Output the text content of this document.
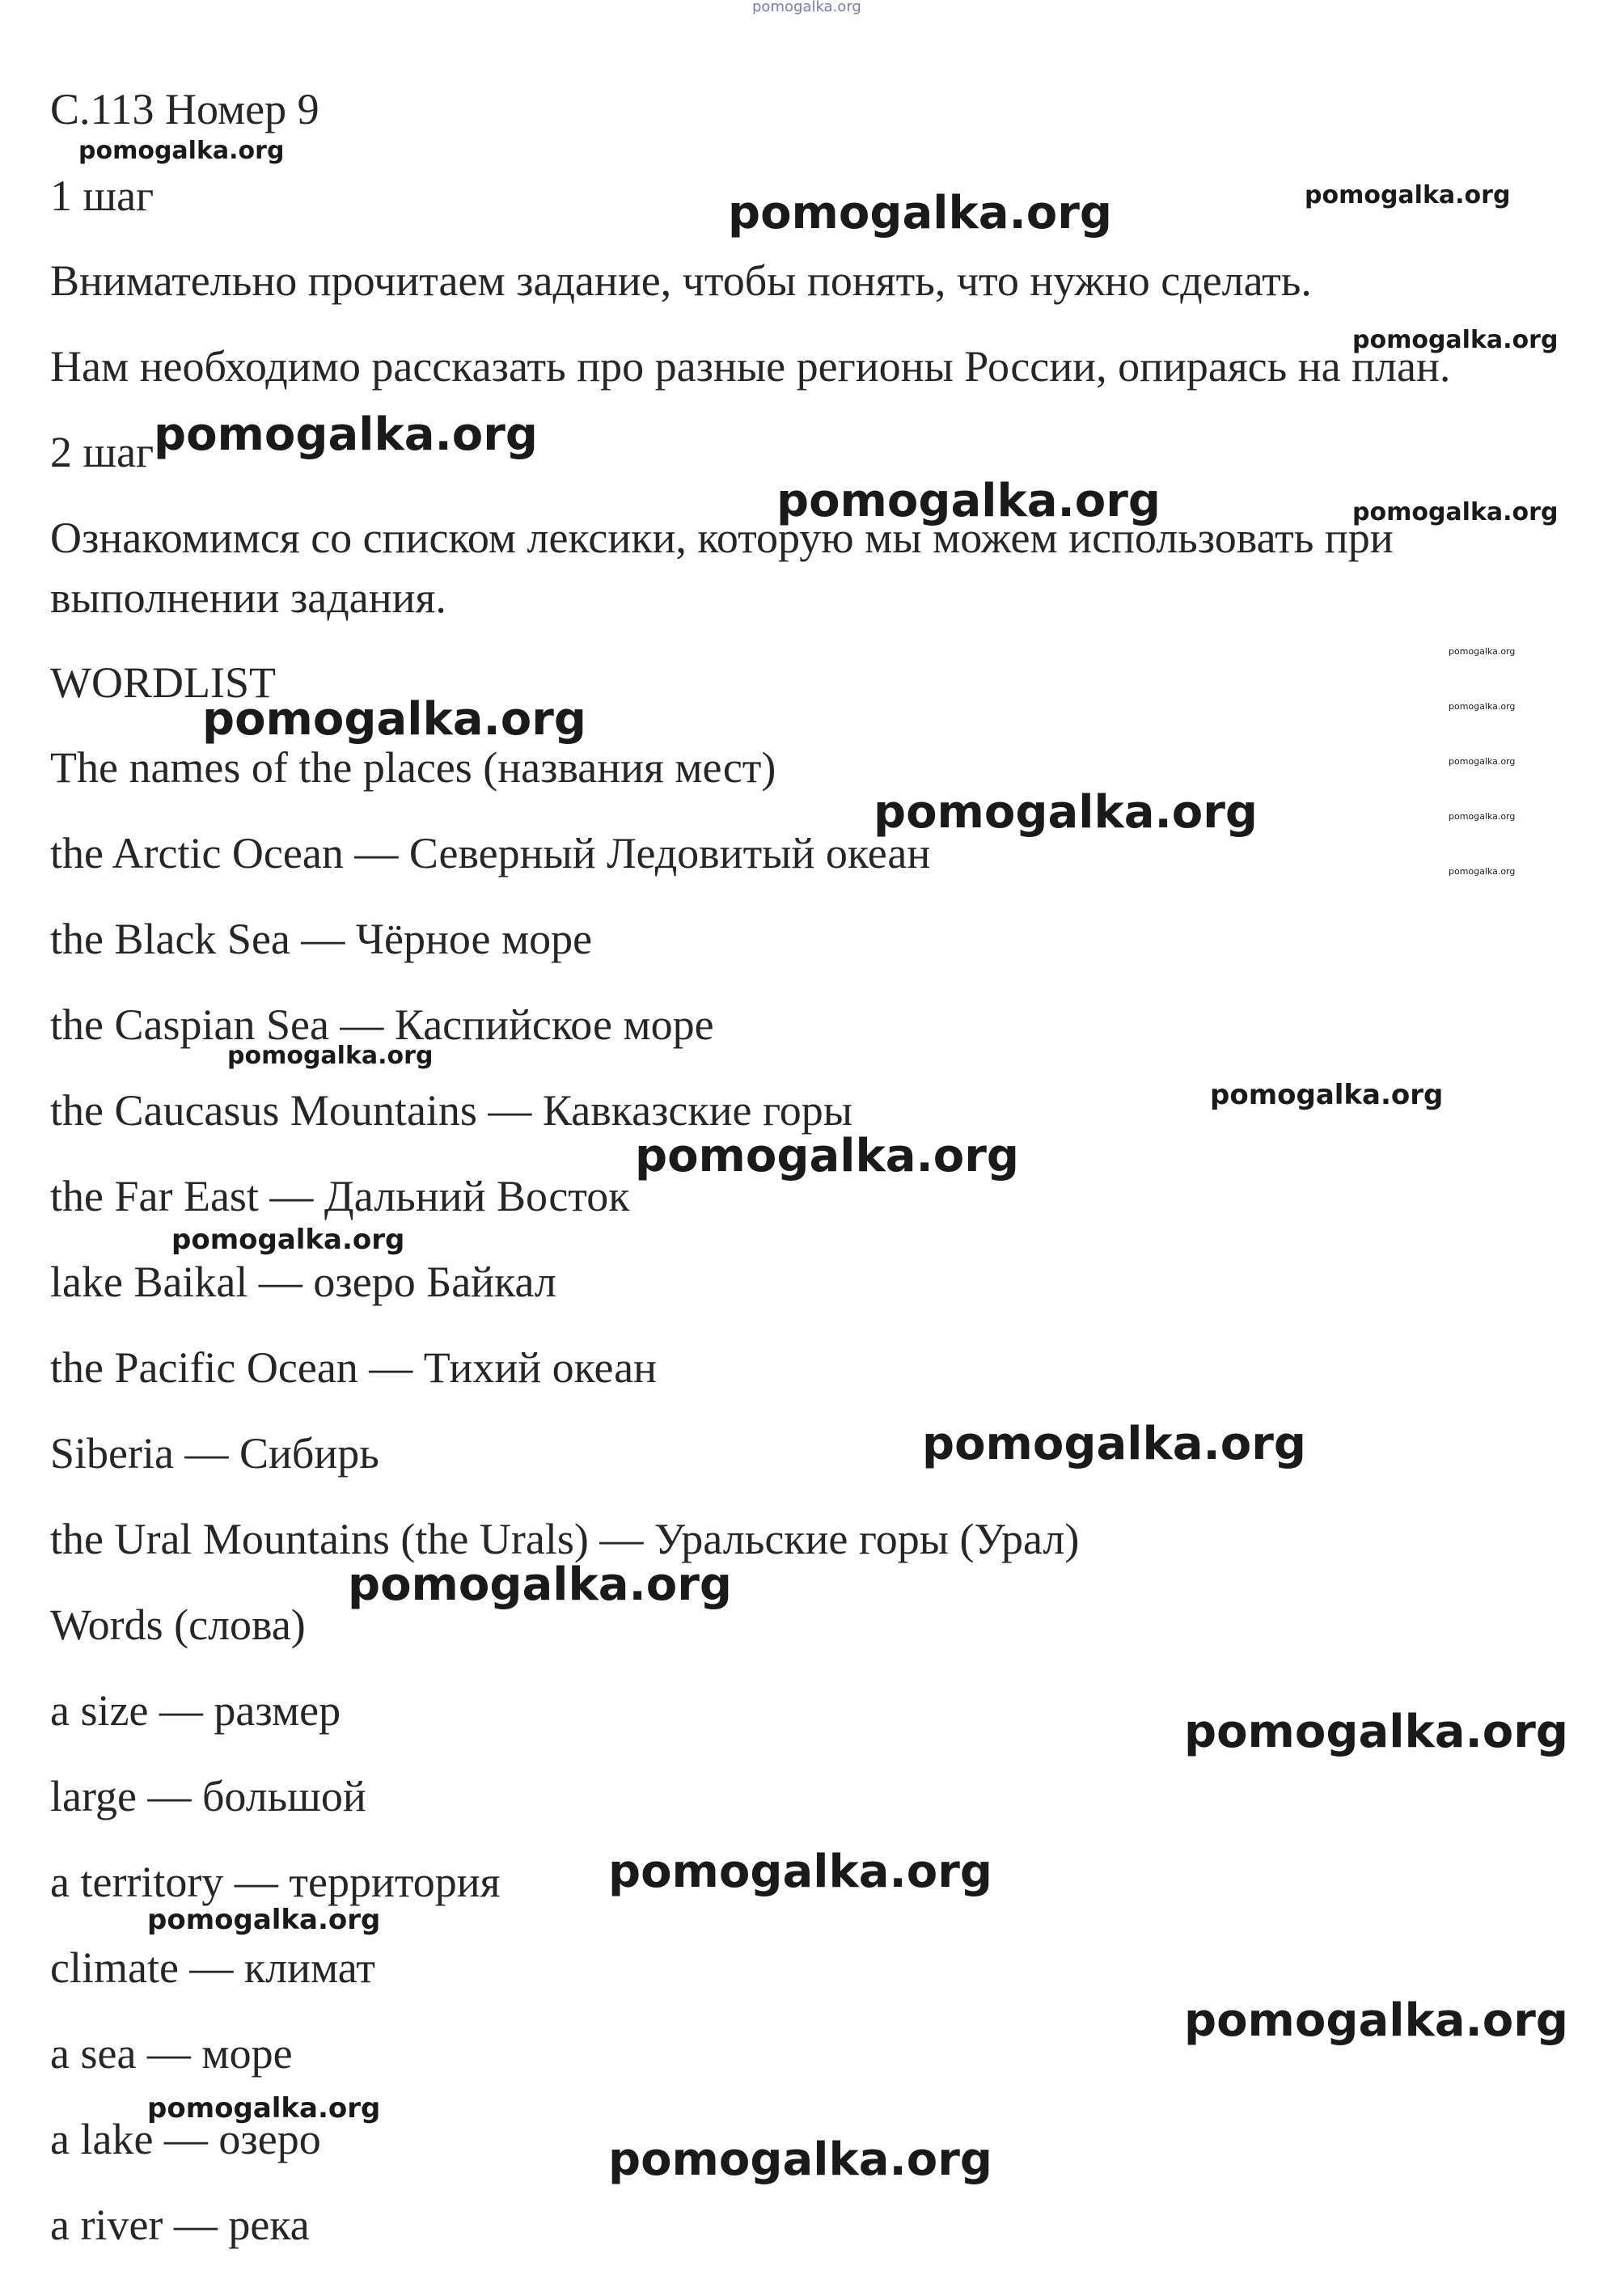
С.113 Номер 9
1 шаг
Внимательно прочитаем задание, чтобы понять, что нужно сделать.
Нам необходимо рассказать про разные регионы России, опираясь на план.
2 шаг
Ознакомимся со списком лексики, которую мы можем использовать при
выполнении задания.
WORDLIST
The names of the places (названия мест)
the Arctic Ocean — Северный Ледовитый океан
the Black Sea — Чёрное море
the Caspian Sea — Каспийское море
the Caucasus Mountains — Кавказские горы
the Far East — Дальний Восток
lake Baikal — озеро Байкал
the Pacific Ocean — Тихий океан
Siberia — Сибирь
the Ural Mountains (the Urals) — Уральские горы (Урал)
Words (слова)
a size — размер
large — большой
a territory — территория
climate — климат
a sea — море
a lake — озеро
a river — река
pomogalka.org
pomogalka.org
pomogalka.org	pomogalka.org
pomogalka.org
pomogalka.org
pomogalka.org	pomogalka.org
pomogalka.org
pomogalka.org
pomogalka.org
pomogalka.org
pomogalka.org
pomogalka.org
pomogalka.org
pomogalka.org
pomogalka.org
pomogalka.org
pomogalka.org
pomogalka.org
pomogalka.org
pomogalka.org
pomogalka.org
pomogalka.org
pomogalka.org
pomogalka.org
pomogalka.org
